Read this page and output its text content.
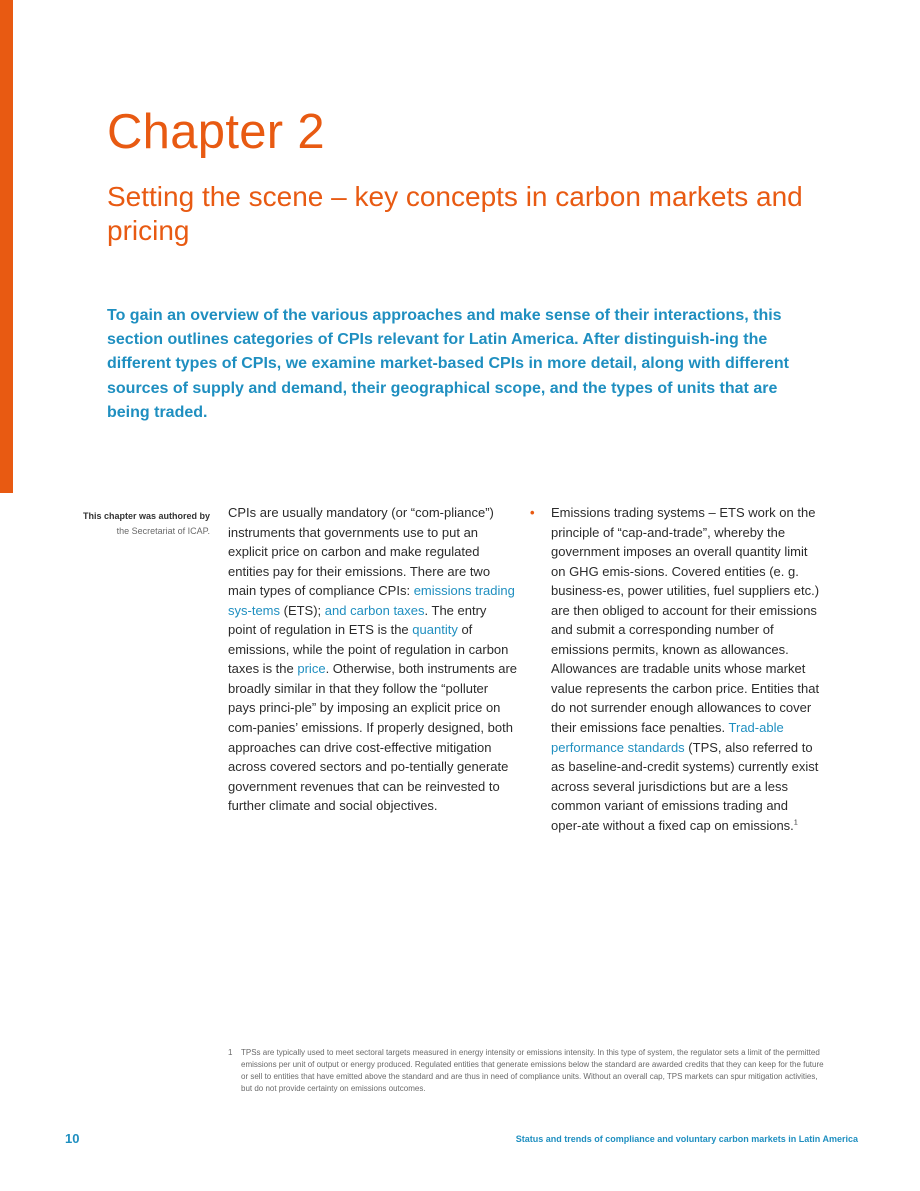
Chapter 2
Setting the scene – key concepts in carbon markets and pricing

To gain an overview of the various approaches and make sense of their interactions, this section outlines categories of CPIs relevant for Latin America. After distinguish-ing the different types of CPIs, we examine market-based CPIs in more detail, along with different sources of supply and demand, their geographical scope, and the types of units that are being traded.

This chapter was authored by
the Secretariat of ICAP.

CPIs are usually mandatory (or “com-pliance”) instruments that governments use to put an explicit price on carbon and make regulated entities pay for their emissions. There are two main types of compliance CPIs: emissions trading sys-tems (ETS); and carbon taxes. The entry point of regulation in ETS is the quantity of emissions, while the point of regulation in carbon taxes is the price. Otherwise, both instruments are broadly similar in that they follow the “polluter pays princi-ple” by imposing an explicit price on com-panies’ emissions. If properly designed, both approaches can drive cost-effective mitigation across covered sectors and po-tentially generate government revenues that can be reinvested to further climate and social objectives.

•	Emissions trading systems – ETS work on the principle of “cap-and-trade”, whereby the government imposes an overall quantity limit on GHG emis-sions. Covered entities (e. g. business-es, power utilities, fuel suppliers etc.) are then obliged to account for their emissions and submit a corresponding number of emissions permits, known as allowances. Allowances are tradable units whose market value represents the carbon price. Entities that do not surrender enough allowances to cover their emissions face penalties. Trad-able performance standards (TPS, also referred to as baseline-and-credit systems) currently exist across several jurisdictions but are a less common variant of emissions trading and oper-ate without a fixed cap on emissions.$^1$
1	TPSs are typically used to meet sectoral targets measured in energy intensity or emissions intensity. In this type of system, the regulator sets a limit of the permitted emissions per unit of output or energy produced. Regulated entities that generate emissions below the standard are awarded credits that they can keep for the future or sell to entities that have emitted above the standard and are thus in need of compliance units. Without an overall cap, TPS markets can spur mitigation activities, but do not provide certainty on emissions outcomes.
10	Status and trends of compliance and voluntary carbon markets in Latin America
